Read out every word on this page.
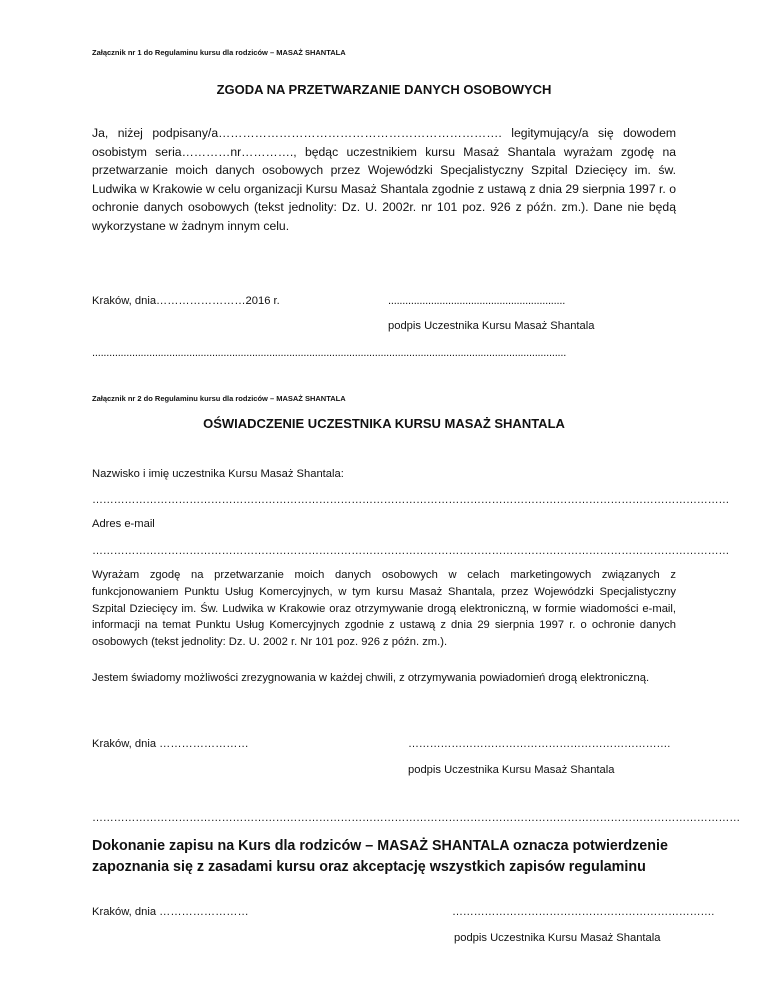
Załącznik nr 1 do Regulaminu kursu dla rodziców – MASAŻ SHANTALA
ZGODA NA PRZETWARZANIE DANYCH OSOBOWYCH
Ja, niżej podpisany/a……………………………………………………………. legitymujący/a się dowodem osobistym seria…………nr…………., będąc uczestnikiem kursu Masaż Shantala wyrażam zgodę na przetwarzanie moich danych osobowych przez Wojewódzki Specjalistyczny Szpital Dziecięcy im. św. Ludwika w Krakowie w celu organizacji Kursu Masaż Shantala zgodnie z ustawą z dnia 29 sierpnia 1997 r. o ochronie danych osobowych (tekst jednolity: Dz. U. 2002r. nr 101 poz. 926 z późn. zm.). Dane nie będą wykorzystane w żadnym innym celu.
Kraków, dnia……………………2016 r.	..............................................................
podpis Uczestnika Kursu Masaż Shantala
......................................................................................................................................................................
Załącznik nr 2 do Regulaminu kursu dla rodziców – MASAŻ SHANTALA
OŚWIADCZENIE UCZESTNIKA KURSU MASAŻ SHANTALA
Nazwisko i imię uczestnika Kursu Masaż Shantala:
……………………………………………………………………………………………………………………………………………………………
Adres e-mail
……………………………………………………………………………………………………………………………………………………………
Wyrażam zgodę na przetwarzanie moich danych osobowych w celach marketingowych związanych z funkcjonowaniem Punktu Usług Komercyjnych, w tym kursu Masaż Shantala, przez Wojewódzki Specjalistyczny Szpital Dziecięcy im. Św. Ludwika w Krakowie oraz otrzymywanie drogą elektroniczną, w formie wiadomości e-mail, informacji na temat Punktu Usług Komercyjnych zgodnie z ustawą z dnia 29 sierpnia 1997 r. o ochronie danych osobowych (tekst jednolity: Dz. U. 2002 r. Nr 101 poz. 926 z późn. zm.).
Jestem świadomy możliwości zrezygnowania w każdej chwili, z otrzymywania powiadomień drogą elektroniczną.
Kraków, dnia ……………………	……………………………………………………………….
podpis Uczestnika Kursu Masaż Shantala
………………………………………………………………………………………………………………………………………………………………
Dokonanie zapisu na Kurs dla rodziców – MASAŻ SHANTALA oznacza potwierdzenie zapoznania się z zasadami kursu oraz akceptację wszystkich zapisów regulaminu
Kraków, dnia ……………………	……………………………………………………………….
podpis Uczestnika Kursu Masaż Shantala
